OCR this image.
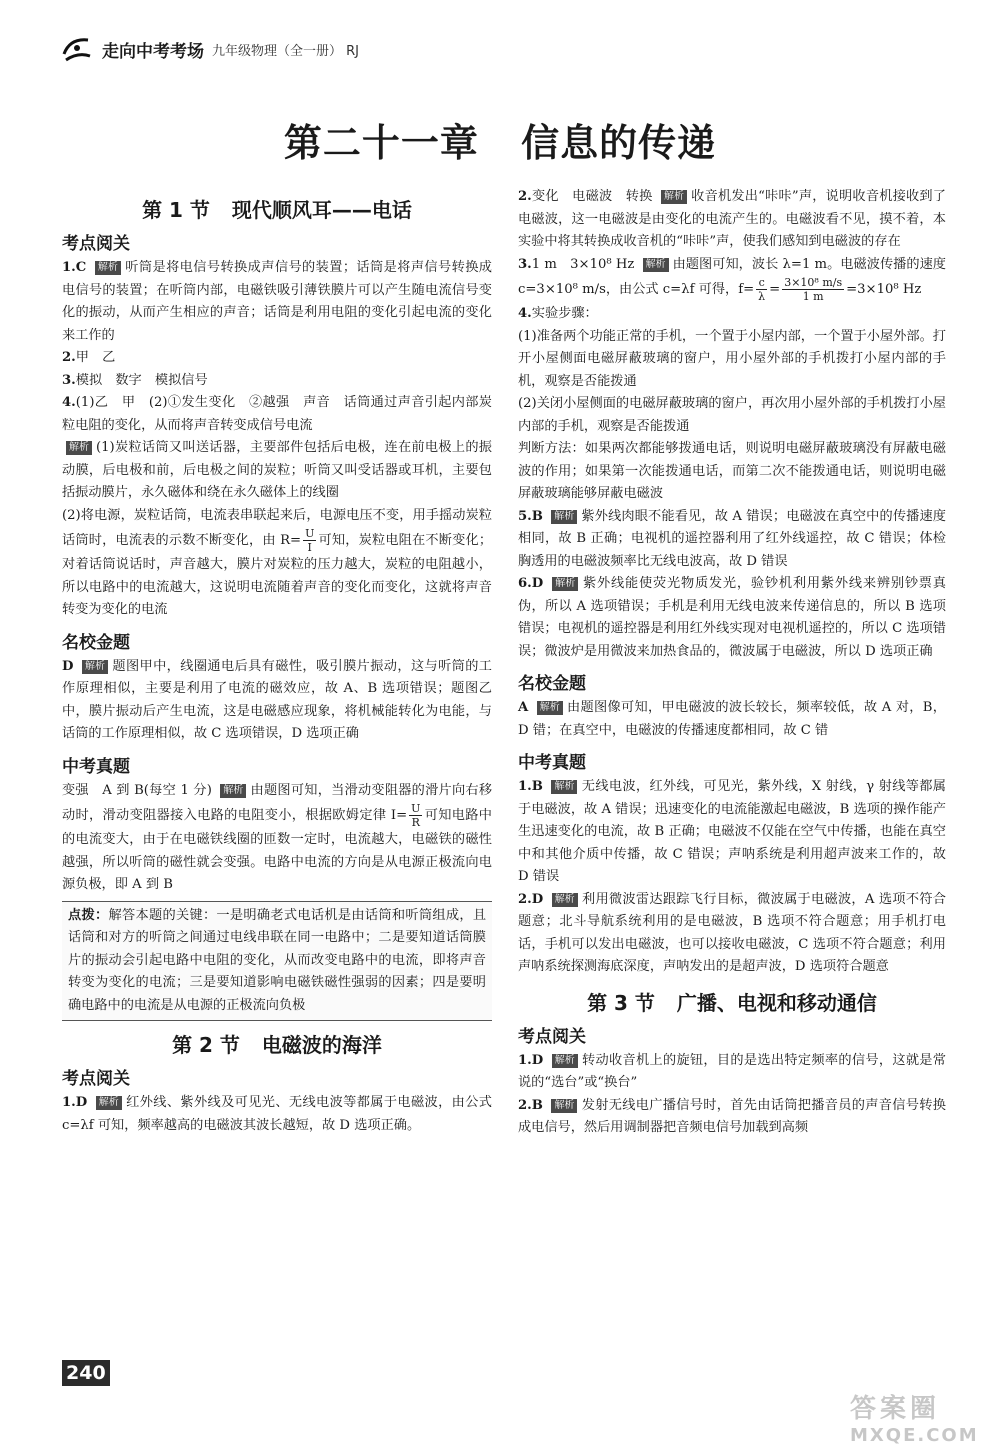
走向中考考场 九年级物理（全一册） RJ
第二十一章 信息的传递
第 1 节 现代顺风耳——电话
考点阅关

1.C 解析 听筒是将电信号转换成声信号的装置；话筒是将声信号转换成电信号的装置；在听筒内部，电磁铁吸引薄铁膜片可以产生随电流信号变化的振动，从而产生相应的声音；话筒是利用电阻的变化引起电流的变化来工作的

2.甲　乙

3.模拟　数字　模拟信号

4.(1)乙　甲　(2)①发生变化　②越强　声音　话筒通过声音引起内部炭粒电阻的变化，从而将声音转变成信号电流

解析 (1)炭粒话筒又叫送话器，主要部件包括后电极，连在前电极上的振动膜，后电极和前，后电极之间的炭粒；听筒又叫受话器或耳机，主要包括振动膜片，永久磁体和绕在永久磁体上的线圈

(2)将电源，炭粒话筒，电流表串联起来后，电源电压不变，用手摇动炭粒话筒时，电流表的示数不断变化，由 $R= \frac{U}{I}$ 可知，炭粒电阻在不断变化；对着话筒说话时，声音越大，膜片对炭粒的压力越大，炭粒的电阻越小，所以电路中的电流越大，这说明电流随着声音的变化而变化，这就将声音转变为变化的电流

名校金题

D 解析 题图甲中，线圈通电后具有磁性，吸引膜片振动，这与听筒的工作原理相似，主要是利用了电流的磁效应，故 A、B 选项错误；题图乙中，膜片振动后产生电流，这是电磁感应现象，将机械能转化为电能，与话筒的工作原理相似，故 C 选项错误，D 选项正确

中考真题

变强　 A 到 B(每空 1 分) 解析 由题图可知，当滑动变阻器的滑片向右移动时，滑动变阻器接入电路的电阻变小，根据欧姆定律 $I= \frac{U}{R}$ 可知电路中的电流变大，由于在电磁铁线圈的匝数一定时，电流越大，电磁铁的磁性越强，所以听筒的磁性就会变强。电路中电流的方向是从电源正极流向电源负极，即 A 到 B

点拨：解答本题的关键：一是明确老式电话机是由话筒和听筒组成，且话筒和对方的听筒之间通过电线串联在同一电路中；二是要知道话筒膜片的振动会引起电路中电阻的变化，从而改变电路中的电流，即将声音转变为变化的电流；三是要知道影响电磁铁磁性强弱的因素；四是要明确电路中的电流是从电源的正极流向负极

第 2 节 电磁波的海洋
考点阅关

1.D 解析 红外线、紫外线及可见光、无线电波等都属于电磁波，由公式 c=λf 可知，频率越高的电磁波其波长越短，故 D 选项正确。

2.变化　电磁波　转换 解析 收音机发出“咔咔”声，说明收音机接收到了电磁波，这一电磁波是由变化的电流产生的。电磁波看不见，摸不着，本实验中将其转换成收音机的“咔咔”声，使我们感知到电磁波的存在

3.1 m　3×10⁸ Hz 解析 由题图可知，波长 λ=1 m。电磁波传播的速度 c=3×10⁸ m/s，由公式 c=λf 可得，$f= \frac{c}{\lambda} = \frac{\text{3×10⁸ m/s}}{1 m} =3\times 10^8$ Hz

4.实验步骤：

(1)准备两个功能正常的手机，一个置于小屋内部，一个置于小屋外部。打开小屋侧面电磁屏蔽玻璃的窗户，用小屋外部的手机拨打小屋内部的手机，观察是否能拨通

(2)关闭小屋侧面的电磁屏蔽玻璃的窗户，再次用小屋外部的手机拨打小屋内部的手机，观察是否能拨通

判断方法：如果两次都能够拨通电话，则说明电磁屏蔽玻璃没有屏蔽电磁波的作用；如果第一次能拨通电话，而第二次不能拨通电话，则说明电磁屏蔽玻璃能够屏蔽电磁波

5.B 解析 紫外线肉眼不能看见，故 A 错误；电磁波在真空中的传播速度相同，故 B 正确；电视机的遥控器利用了红外线遥控，故 C 错误；体检胸透用的电磁波频率比无线电波高，故 D 错误

6.D 解析 紫外线能使荧光物质发光，验钞机利用紫外线来辨别钞票真伪，所以 A 选项错误；手机是利用无线电波来传递信息的，所以 B 选项错误；电视机的遥控器是利用红外线实现对电视机遥控的，所以 C 选项错误；微波炉是用微波来加热食品的，微波属于电磁波，所以 D 选项正确

名校金题

A 解析 由题图像可知，甲电磁波的波长较长，频率较低，故 A 对，B，D 错；在真空中，电磁波的传播速度都相同，故 C 错

中考真题

1.B 解析 无线电波，红外线，可见光，紫外线，X 射线，γ 射线等都属于电磁波，故 A 错误；迅速变化的电流能激起电磁波，B 选项的操作能产生迅速变化的电流，故 B 正确；电磁波不仅能在空气中传播，也能在真空中和其他介质中传播，故 C 错误；声呐系统是利用超声波来工作的，故 D 错误

2.D 解析 利用微波雷达跟踪飞行目标，微波属于电磁波，A 选项不符合题意；北斗导航系统利用的是电磁波，B 选项不符合题意；用手机打电话，手机可以发出电磁波，也可以接收电磁波，C 选项不符合题意；利用声呐系统探测海底深度，声呐发出的是超声波，D 选项符合题意

第 3 节 广播、电视和移动通信
考点阅关

1.D 解析 转动收音机上的旋钮，目的是选出特定频率的信号，这就是常说的“选台”或“换台”

2.B 解析 发射无线电广播信号时，首先由话筒把播音员的声音信号转换成电信号，然后用调制器把音频电信号加载到高频

240
答案圈
MXQE.COM
